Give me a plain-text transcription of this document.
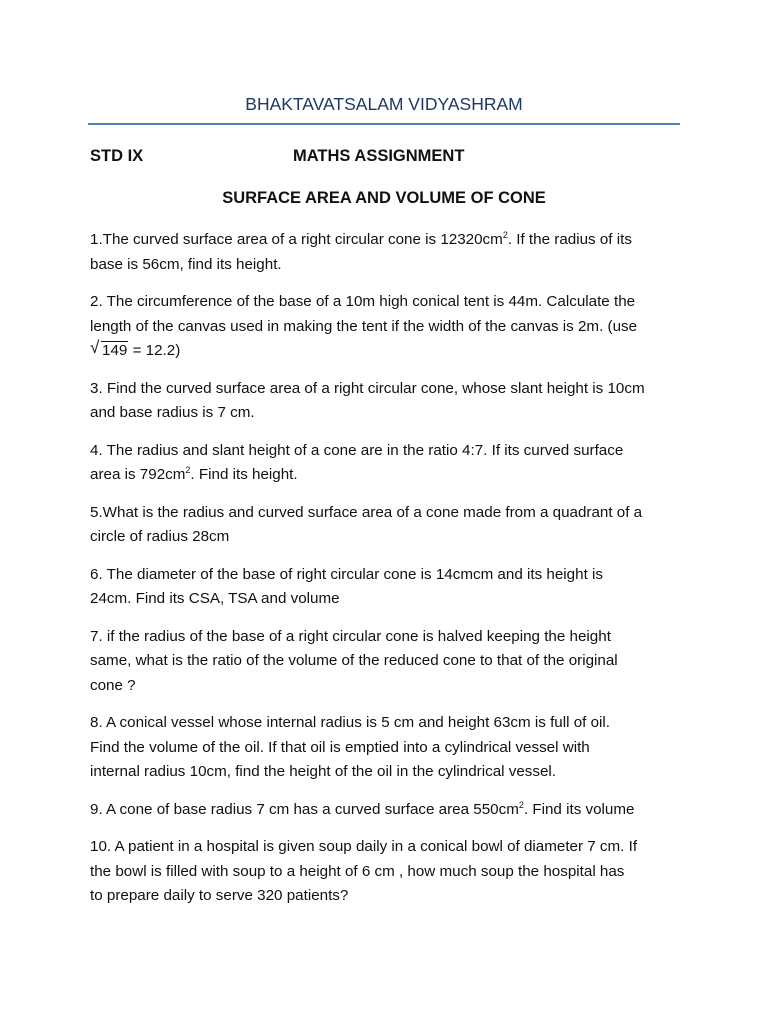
BHAKTAVATSALAM VIDYASHRAM
STD IX	MATHS ASSIGNMENT
SURFACE AREA AND VOLUME OF CONE
1.The curved surface area of a right circular cone is $12320cm^2$. If the radius of its
base is 56cm, find its height.
2. The circumference of the base of a 10m high conical tent is 44m. Calculate the
length of the canvas used in making the tent if the width of the canvas is 2m. (use
√ 149 = 12.2)
3. Find the curved surface area of a right circular cone, whose slant height is 10cm
and base radius is 7 cm.
4. The radius and slant height of a cone are in the ratio 4:7. If its curved surface
area is $792cm^2$. Find its height.
5.What is the radius and curved surface area of a cone made from a quadrant of a
circle of radius 28cm
6. The diameter of the base of right circular cone is 14cmcm and its height is
24cm. Find its CSA, TSA and volume
7. if the radius of the base of a right circular cone is halved keeping the height
same, what is the ratio of the volume of the reduced cone to that of the original
cone ?
8. A conical vessel whose internal radius is 5 cm and height 63cm is full of oil.
Find the volume of the oil. If that oil is emptied into a cylindrical vessel with
internal radius 10cm, find the height of the oil in the cylindrical vessel.
9. A cone of base radius 7 cm has a curved surface area $550cm^2$. Find its volume
10. A patient in a hospital is given soup daily in a conical bowl of diameter 7 cm. If
the bowl is filled with soup to a height of 6 cm , how much soup the hospital has
to prepare daily to serve 320 patients?
